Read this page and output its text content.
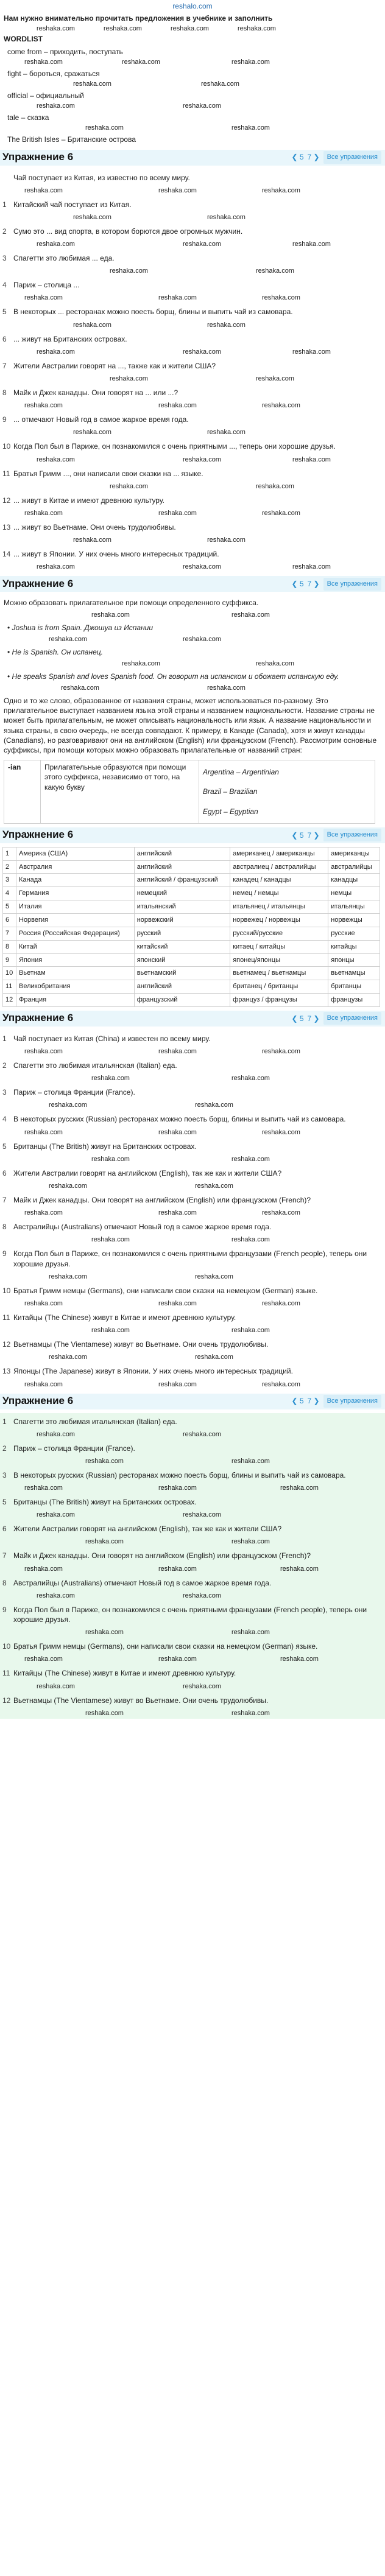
reshalo.com
Нам нужно внимательно прочитать предложения в учебнике и заполнить
reshaka.com	reshaka.com	reshaka.com	reshaka.com
WORDLIST
come from – приходить, поступать
reshaka.com	reshaka.com	reshaka.com
fight – бороться, сражаться
reshaka.com	reshaka.com
official – официальный
reshaka.com	reshaka.com
tale – сказка
reshaka.com	reshaka.com
The British Isles – Британские острова
Упражнение 6	❮ 5 7 ❯	Все упражнения
Чай поступает из Китая, из известно по всему миру.
reshaka.com	reshaka.com	reshaka.com
1 Китайский чай поступает из Китая.
reshaka.com	reshaka.com
2 Сумо это ... вид спорта, в котором борются двое огромных мужчин.
reshaka.com	reshaka.com	reshaka.com
3 Спагетти это любимая ... еда.
reshaka.com	reshaka.com
4 Париж – столица ...
reshaka.com	reshaka.com	reshaka.com
5 В некоторых ... ресторанах можно поесть борщ, блины и выпить чай из самовара.
reshaka.com	reshaka.com
6 ... живут на Британских островах.
reshaka.com	reshaka.com	reshaka.com
7 Жители Австралии говорят на ..., также как и жители США?
reshaka.com	reshaka.com
8 Майк и Джек канадцы. Они говорят на ... или ...?
reshaka.com	reshaka.com	reshaka.com
9 ... отмечают Новый год в самое жаркое время года.
reshaka.com	reshaka.com
10 Когда Пол был в Париже, он познакомился с очень приятными ..., теперь они хорошие друзья.
reshaka.com	reshaka.com	reshaka.com
11 Братья Гримм ..., они написали свои сказки на ... языке.
reshaka.com	reshaka.com
12 ... живут в Китае и имеют древнюю культуру.
reshaka.com	reshaka.com	reshaka.com
13 ... живут во Вьетнаме. Они очень трудолюбивы.
reshaka.com	reshaka.com
14 ... живут в Японии. У них очень много интересных традиций.
reshaka.com	reshaka.com	reshaka.com
Упражнение 6	❮ 5 7 ❯	Все упражнения
Можно образовать прилагательное при помощи определенного суффикса.
reshaka.com	reshaka.com
• Joshua is from Spain. Джошуа из Испании
reshaka.com	reshaka.com
• He is Spanish. Он испанец.
reshaka.com	reshaka.com
• He speaks Spanish and loves Spanish food. Он говорит на испанском и обожает испанскую еду.
reshaka.com	reshaka.com
Одно и то же слово, образованное от названия страны, может использоваться по-разному. Это прилагательное выступает названием языка этой страны и названием национальности. Название страны не может быть прилагательным, не может описывать национальность или язык. А название национальности и языка страны, в свою очередь, не всегда совпадают. К примеру, в Канаде (Canada), хотя и живут канадцы (Canadians), но разговаривают они на английском (English) или французском (French). Рассмотрим основные суффиксы, при помощи которых можно образовать прилагательные от названий стран:
-ian	Прилагательные образуются при помощи этого суффикса, независимо от того, на какую букву	
Argentina – Argentinian
Brazil – Brazilian
Egypt – Egyptian
Упражнение 6	❮ 5 7 ❯	Все упражнения
1	Америка (США)	английский	американец / американцы	американцы
2	Австралия	английский	австралиец / австралийцы	австралийцы
3	Канада	английский / французский	канадец / канадцы	канадцы
4	Германия	немецкий	немец / немцы	немцы
5	Италия	итальянский	итальянец / итальянцы	итальянцы
6	Норвегия	норвежский	норвежец / норвежцы	норвежцы
7	Россия (Российская Федерация)	русский	русский/русские	русские
8	Китай	китайский	китаец / китайцы	китайцы
9	Япония	японский	японец/японцы	японцы
10	Вьетнам	вьетнамский	вьетнамец / вьетнамцы	вьетнамцы
11	Великобритания	английский	британец / британцы	британцы
12	Франция	французский	француз / французы	французы
Упражнение 6	❮ 5 7 ❯	Все упражнения
1 Чай поступает из Китая (China) и известен по всему миру.
reshaka.com	reshaka.com	reshaka.com
2 Спагетти это любимая итальянская (Italian) еда.
reshaka.com	reshaka.com
3 Париж – столица Франции (France).
reshaka.com	reshaka.com
4 В некоторых русских (Russian) ресторанах можно поесть борщ, блины и выпить чай из самовара.
reshaka.com	reshaka.com	reshaka.com
5 Британцы (The British) живут на Британских островах.
reshaka.com	reshaka.com
6 Жители Австралии говорят на английском (English), так же как и жители США?
reshaka.com	reshaka.com
7 Майк и Джек канадцы. Они говорят на английском (English) или французском (French)?
reshaka.com	reshaka.com	reshaka.com
8 Австралийцы (Australians) отмечают Новый год в самое жаркое время года.
reshaka.com	reshaka.com
9 Когда Пол был в Париже, он познакомился с очень приятными французами (French people), теперь они хорошие друзья.
reshaka.com	reshaka.com
10 Братья Гримм немцы (Germans), они написали свои сказки на немецком (German) языке.
reshaka.com	reshaka.com	reshaka.com
11 Китайцы (The Chinese) живут в Китае и имеют древнюю культуру.
reshaka.com	reshaka.com
12 Вьетнамцы (The Vientamese) живут во Вьетнаме. Они очень трудолюбивы.
reshaka.com	reshaka.com
13 Японцы (The Japanese) живут в Японии. У них очень много интересных традиций.
reshaka.com	reshaka.com	reshaka.com
Упражнение 6	❮ 5 7 ❯	Все упражнения
1 Спагетти это любимая итальянская (Italian) еда.
reshaka.com	reshaka.com
2 Париж – столица Франции (France).
reshaka.com	reshaka.com
3 В некоторых русских (Russian) ресторанах можно поесть борщ, блины и выпить чай из самовара.
reshaka.com	reshaka.com	reshaka.com
5 Британцы (The British) живут на Британских островах.
reshaka.com	reshaka.com
6 Жители Австралии говорят на английском (English), так же как и жители США?
reshaka.com	reshaka.com
7 Майк и Джек канадцы. Они говорят на английском (English) или французском (French)?
reshaka.com	reshaka.com	reshaka.com
8 Австралийцы (Australians) отмечают Новый год в самое жаркое время года.
reshaka.com	reshaka.com
9 Когда Пол был в Париже, он познакомился с очень приятными французами (French people), теперь они хорошие друзья.
reshaka.com	reshaka.com
10 Братья Гримм немцы (Germans), они написали свои сказки на немецком (German) языке.
reshaka.com	reshaka.com	reshaka.com
11 Китайцы (The Chinese) живут в Китае и имеют древнюю культуру.
reshaka.com	reshaka.com
12 Вьетнамцы (The Vientamese) живут во Вьетнаме. Они очень трудолюбивы.
reshaka.com	reshaka.com
